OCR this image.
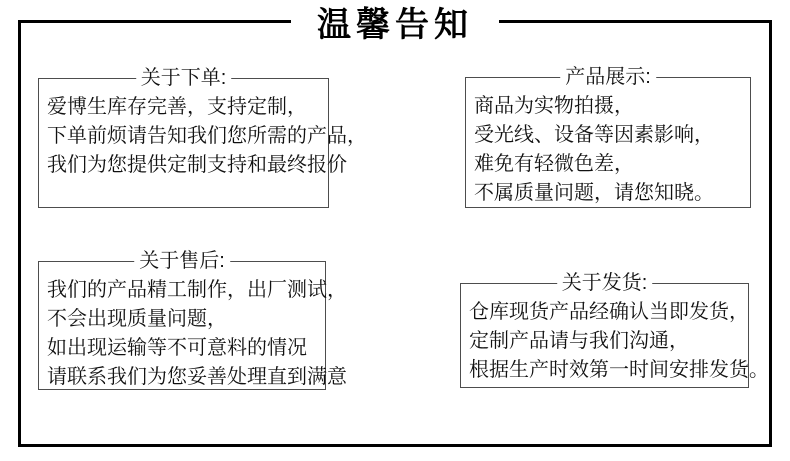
温馨告知
关于下单:
爱博生库存完善，支持定制，
下单前烦请告知我们您所需的产品，
我们为您提供定制支持和最终报价
产品展示:
商品为实物拍摄，
受光线、设备等因素影响，
难免有轻微色差，
不属质量问题，请您知晓。
关于售后:
我们的产品精工制作，出厂测试，
不会出现质量问题，
如出现运输等不可意料的情况
请联系我们为您妥善处理直到满意
关于发货:
仓库现货产品经确认当即发货，
定制产品请与我们沟通，
根据生产时效第一时间安排发货。
